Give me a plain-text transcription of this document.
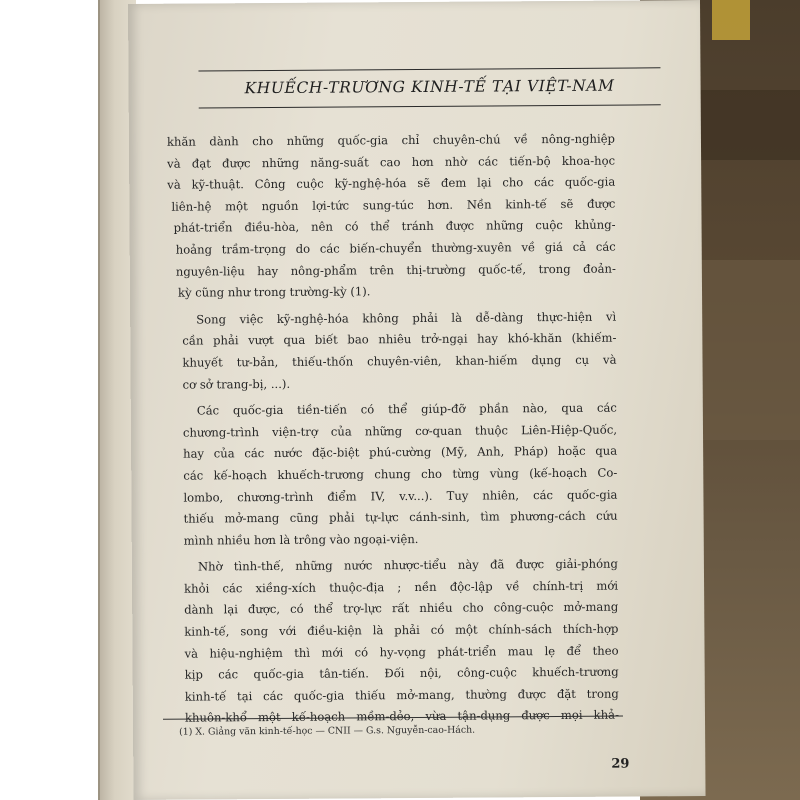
KHUẾCH-TRƯƠNG KINH-TẾ TẠI VIỆT-NAM
khăn dành cho những quốc-gia chỉ chuyên-chú về nông-nghiệp
và đạt được những năng-suất cao hơn nhờ các tiến-bộ khoa-học
và kỹ-thuật. Công cuộc kỹ-nghệ-hóa sẽ đem lại cho các quốc-gia
liên-hệ một nguồn lợi-tức sung-túc hơn. Nền kinh-tế sẽ được
phát-triển điều-hòa, nên có thể tránh được những cuộc khủng-
hoảng trầm-trọng do các biến-chuyển thường-xuyên về giá cả các
nguyên-liệu hay nông-phẩm trên thị-trường quốc-tế, trong đoản-
kỳ cũng như trong trường-kỳ (1).
Song việc kỹ-nghệ-hóa không phải là dễ-dàng thực-hiện vì
cần phải vượt qua biết bao nhiêu trở-ngại hay khó-khăn (khiếm-
khuyết tư-bản, thiếu-thốn chuyên-viên, khan-hiếm dụng cụ và
cơ sở trang-bị, ...).
Các quốc-gia tiền-tiến có thể giúp-đỡ phần nào, qua các
chương-trình viện-trợ của những cơ-quan thuộc Liên-Hiệp-Quốc,
hay của các nước đặc-biệt phú-cường (Mỹ, Anh, Pháp) hoặc qua
các kế-hoạch khuếch-trương chung cho từng vùng (kế-hoạch Co-
lombo, chương-trình điểm IV, v.v...). Tuy nhiên, các quốc-gia
thiếu mở-mang cũng phải tự-lực cánh-sinh, tìm phương-cách cứu
mình nhiều hơn là trông vào ngoại-viện.
Nhờ tình-thế, những nước nhược-tiểu này đã được giải-phóng
khỏi các xiềng-xích thuộc-địa ; nền độc-lập về chính-trị mới
dành lại được, có thể trợ-lực rất nhiều cho công-cuộc mở-mang
kinh-tế, song với điều-kiện là phải có một chính-sách thích-hợp
và hiệu-nghiệm thì mới có hy-vọng phát-triển mau lẹ để theo
kịp các quốc-gia tân-tiến. Đối nội, công-cuộc khuếch-trương
kinh-tế tại các quốc-gia thiếu mở-mang, thường được đặt trong
khuôn-khổ một kế-hoạch mềm-dẻo, vừa tận-dụng được mọi khả-
(1) X. Giảng văn kinh-tế-học — CNII — G.s. Nguyễn-cao-Hách.
29
